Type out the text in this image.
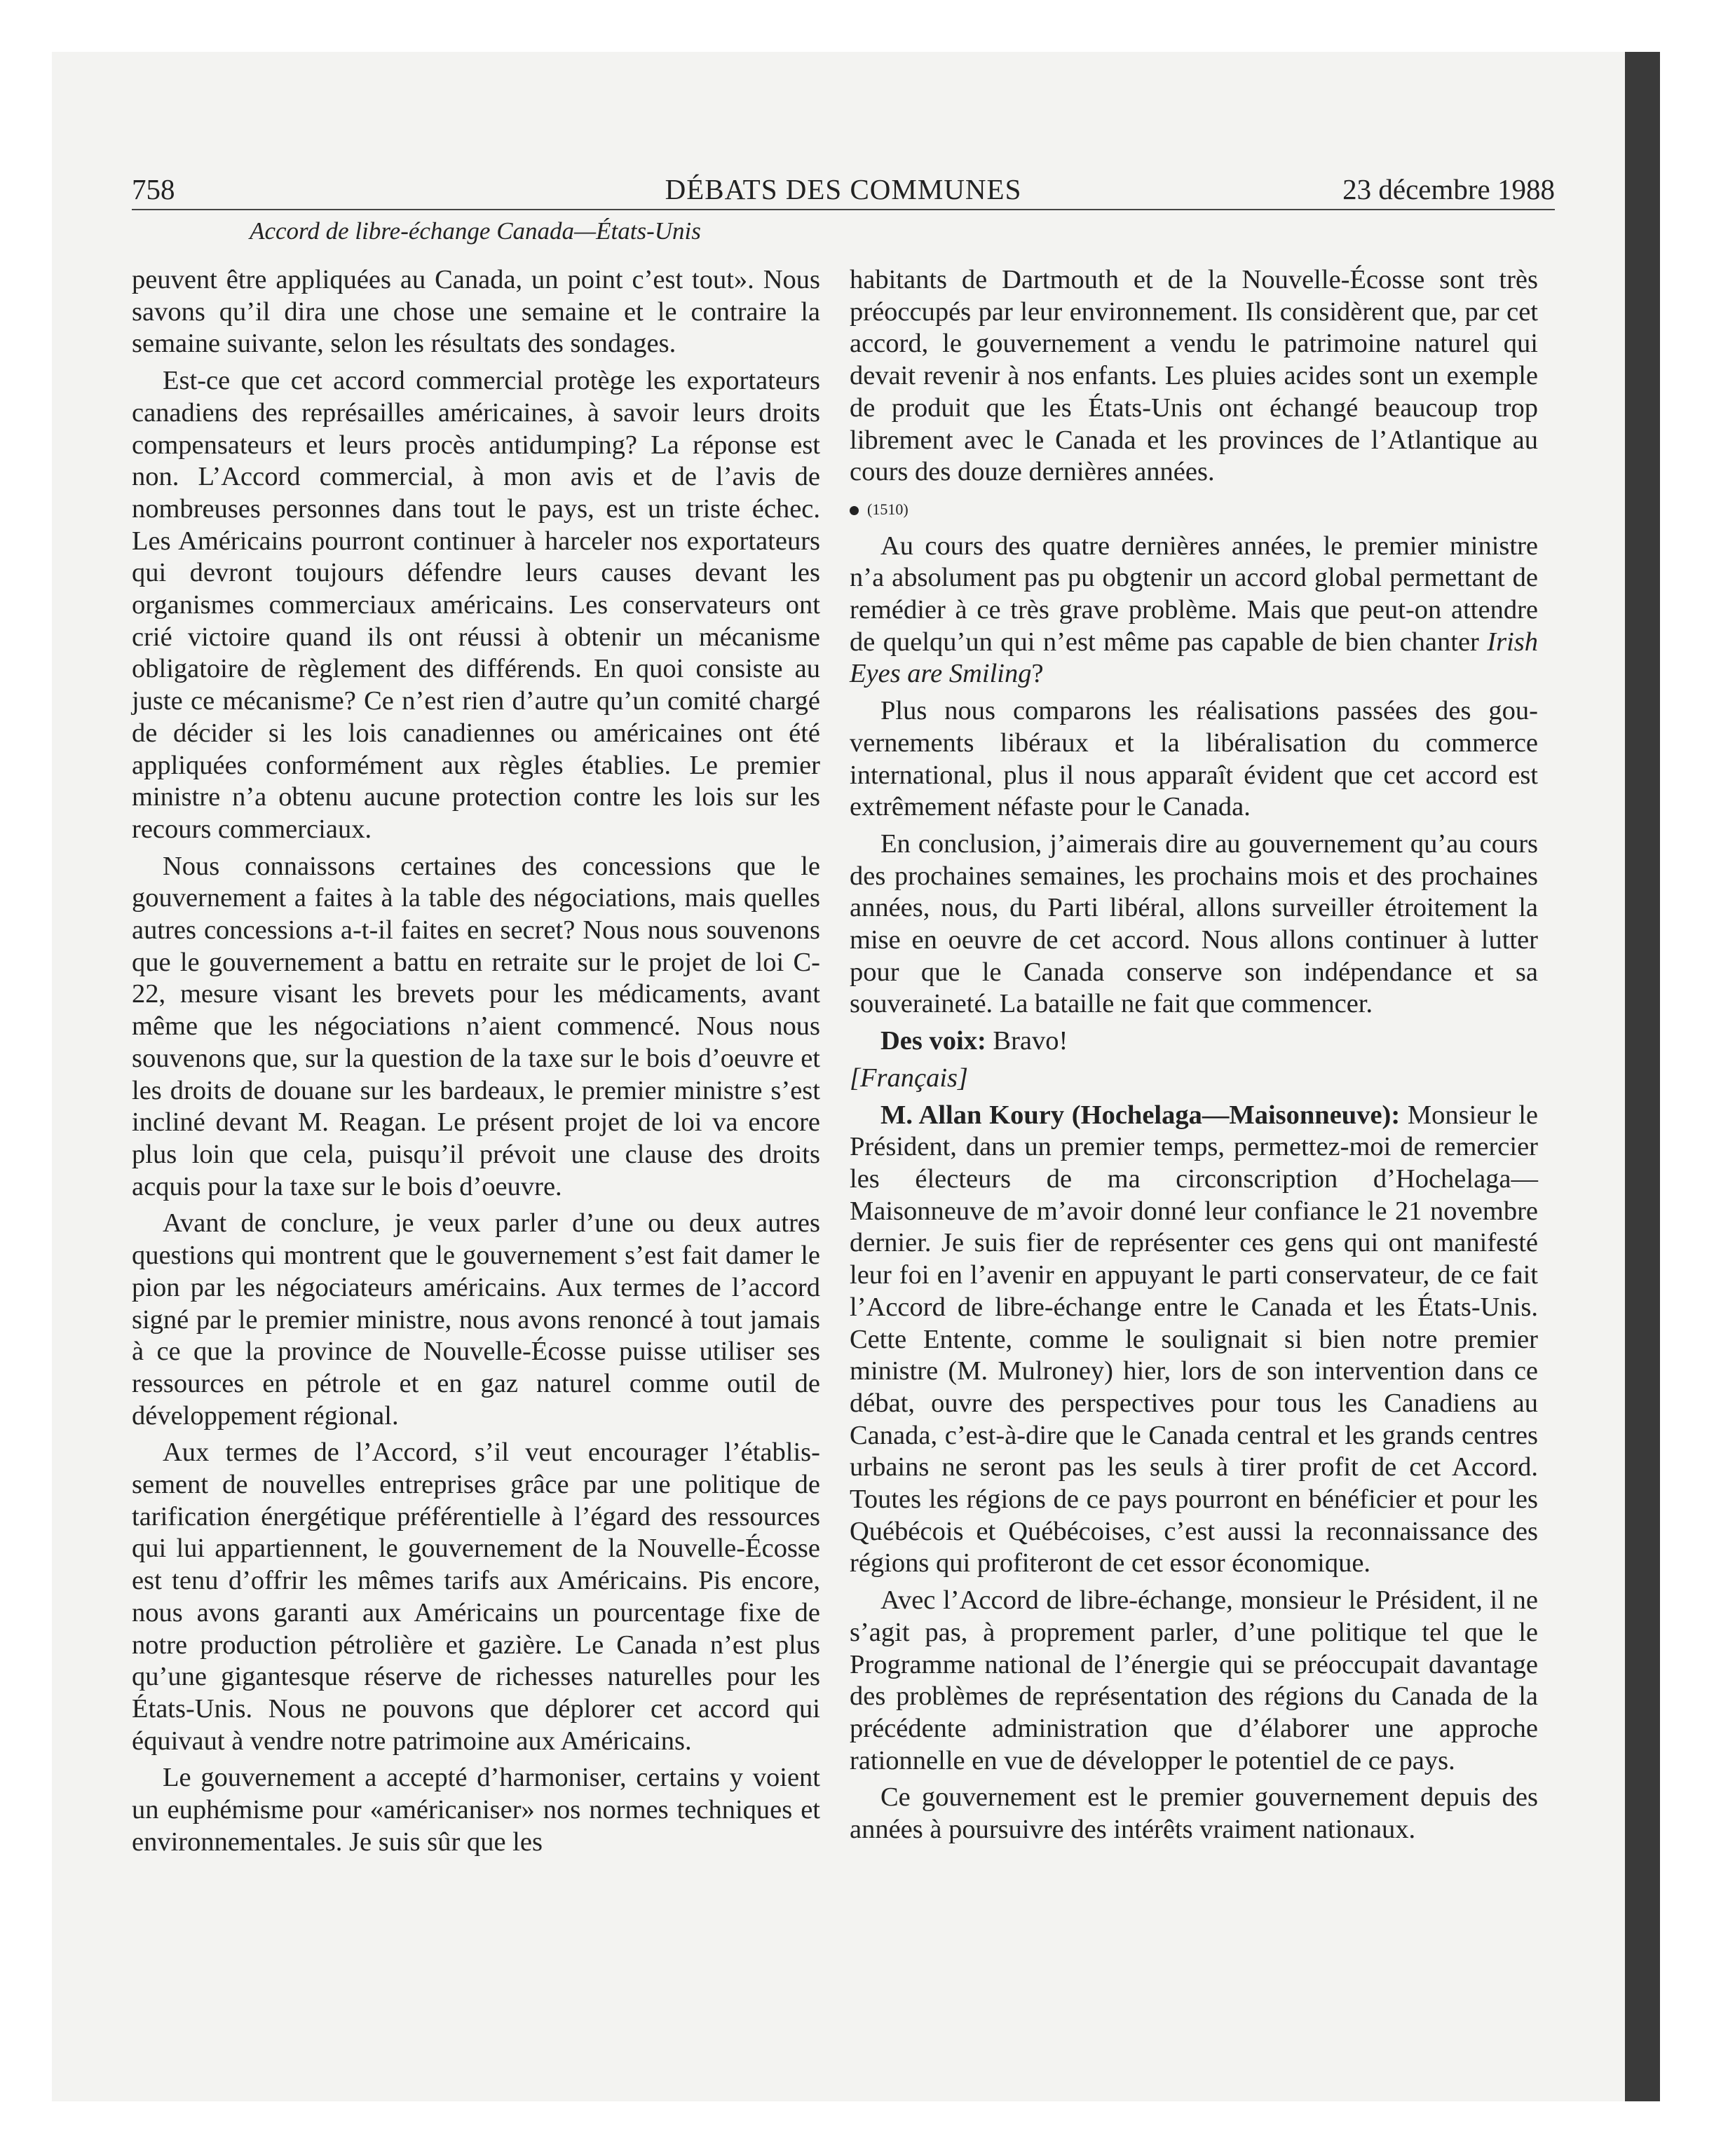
758	DÉBATS DES COMMUNES	23 décembre 1988
Accord de libre-échange Canada—États-Unis

peuvent être appliquées au Canada, un point c’est tout». Nous savons qu’il dira une chose une semaine et le contraire la semaine suivante, selon les résultats des sondages.

Est-ce que cet accord commercial protège les exportateurs canadiens des représailles américaines, à savoir leurs droits compensateurs et leurs procès antidumping? La réponse est non. L’Accord commercial, à mon avis et de l’avis de nombreuses personnes dans tout le pays, est un triste échec. Les Américains pourront continuer à harceler nos exportateurs qui devront toujours défendre leurs causes devant les organismes commerciaux américains. Les conservateurs ont crié victoire quand ils ont réussi à obtenir un mécanisme obligatoire de règlement des différends. En quoi consiste au juste ce mécanisme? Ce n’est rien d’autre qu’un comité chargé de décider si les lois canadiennes ou américaines ont été appliquées conformément aux règles établies. Le premier ministre n’a obtenu aucune protection contre les lois sur les recours commerciaux.

Nous connaissons certaines des concessions que le gouvernement a faites à la table des négociations, mais quelles autres concessions a-t-il faites en secret? Nous nous souvenons que le gouvernement a battu en retraite sur le projet de loi C-22, mesure visant les brevets pour les médicaments, avant même que les négociations n’aient commencé. Nous nous souvenons que, sur la question de la taxe sur le bois d’oeuvre et les droits de douane sur les bardeaux, le premier ministre s’est incliné devant M. Reagan. Le présent projet de loi va encore plus loin que cela, puisqu’il prévoit une clause des droits acquis pour la taxe sur le bois d’oeuvre.

Avant de conclure, je veux parler d’une ou deux autres questions qui montrent que le gouvernement s’est fait damer le pion par les négociateurs américains. Aux termes de l’accord signé par le premier ministre, nous avons renoncé à tout jamais à ce que la province de Nouvelle-Écosse puisse utiliser ses ressources en pétrole et en gaz naturel comme outil de développement régional.

Aux termes de l’Accord, s’il veut encourager l’établissement de nouvelles entreprises grâce par une politique de tarification énergétique préférentielle à l’égard des ressources qui lui appartiennent, le gouvernement de la Nouvelle-Écosse est tenu d’offrir les mêmes tarifs aux Américains. Pis encore, nous avons garanti aux Américains un pourcentage fixe de notre production pétrolière et gazière. Le Canada n’est plus qu’une gigantesque réserve de richesses naturelles pour les États-Unis. Nous ne pouvons que déplorer cet accord qui équivaut à vendre notre patrimoine aux Américains.

Le gouvernement a accepté d’harmoniser, certains y voient un euphémisme pour «américaniser» nos normes techniques et environnementales. Je suis sûr que les

habitants de Dartmouth et de la Nouvelle-Écosse sont très préoccupés par leur environnement. Ils considèrent que, par cet accord, le gouvernement a vendu le patrimoine naturel qui devait revenir à nos enfants. Les pluies acides sont un exemple de produit que les États-Unis ont échangé beaucoup trop librement avec le Canada et les provinces de l’Atlantique au cours des douze dernières années.

(1510)

Au cours des quatre dernières années, le premier ministre n’a absolument pas pu obgtenir un accord global permettant de remédier à ce très grave problème. Mais que peut-on attendre de quelqu’un qui n’est même pas capable de bien chanter Irish Eyes are Smiling?

Plus nous comparons les réalisations passées des gouvernements libéraux et la libéralisation du commerce international, plus il nous apparaît évident que cet accord est extrêmement néfaste pour le Canada.

En conclusion, j’aimerais dire au gouvernement qu’au cours des prochaines semaines, les prochains mois et des prochaines années, nous, du Parti libéral, allons surveiller étroitement la mise en oeuvre de cet accord. Nous allons continuer à lutter pour que le Canada conserve son indépendance et sa souveraineté. La bataille ne fait que commencer.

Des voix: Bravo!

[Français]

M. Allan Koury (Hochelaga—Maisonneuve): Monsieur le Président, dans un premier temps, permettez-moi de remercier les électeurs de ma circonscription d’Hochelaga—Maisonneuve de m’avoir donné leur confiance le 21 novembre dernier. Je suis fier de représenter ces gens qui ont manifesté leur foi en l’avenir en appuyant le parti conservateur, de ce fait l’Accord de libre-échange entre le Canada et les États-Unis. Cette Entente, comme le soulignait si bien notre premier ministre (M. Mulroney) hier, lors de son intervention dans ce débat, ouvre des perspectives pour tous les Canadiens au Canada, c’est-à-dire que le Canada central et les grands centres urbains ne seront pas les seuls à tirer profit de cet Accord. Toutes les régions de ce pays pourront en bénéficier et pour les Québécois et Québécoises, c’est aussi la reconnaissance des régions qui profiteront de cet essor économique.

Avec l’Accord de libre-échange, monsieur le Président, il ne s’agit pas, à proprement parler, d’une politique tel que le Programme national de l’énergie qui se préoccupait davantage des problèmes de représentation des régions du Canada de la précédente administration que d’élaborer une approche rationnelle en vue de développer le potentiel de ce pays.

Ce gouvernement est le premier gouvernement depuis des années à poursuivre des intérêts vraiment nationaux.
